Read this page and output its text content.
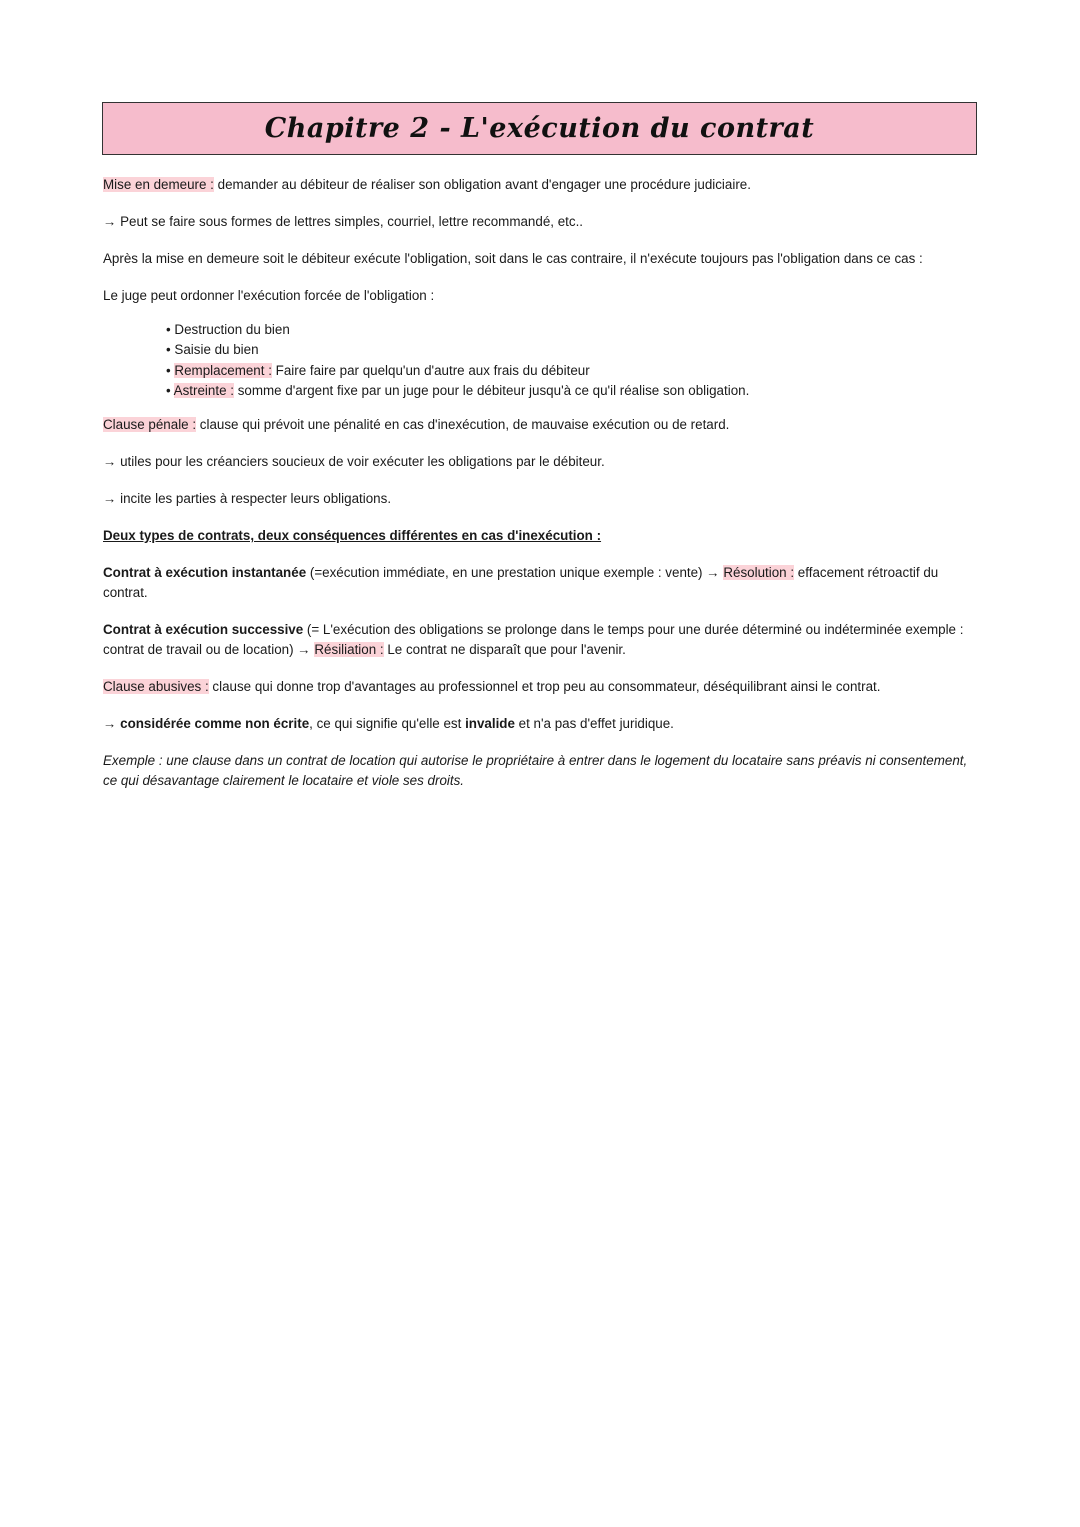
Chapitre 2 - L'exécution du contrat

Mise en demeure : demander au débiteur de réaliser son obligation avant d'engager une procédure judiciaire.

→ Peut se faire sous formes de lettres simples, courriel, lettre recommandé, etc..

Après la mise en demeure soit le débiteur exécute l'obligation, soit dans le cas contraire, il n'exécute toujours pas l'obligation dans ce cas :

Le juge peut ordonner l'exécution forcée de l'obligation :

• Destruction du bien
• Saisie du bien
• Remplacement : Faire faire par quelqu'un d'autre aux frais du débiteur
• Astreinte : somme d'argent fixe par un juge pour le débiteur jusqu'à ce qu'il réalise son obligation.

Clause pénale : clause qui prévoit une pénalité en cas d'inexécution, de mauvaise exécution ou de retard.

→ utiles pour les créanciers soucieux de voir exécuter les obligations par le débiteur.

→ incite les parties à respecter leurs obligations.

Deux types de contrats, deux conséquences différentes en cas d'inexécution :

Contrat à exécution instantanée (=exécution immédiate, en une prestation unique exemple : vente) → Résolution : effacement rétroactif du contrat.

Contrat à exécution successive (= L'exécution des obligations se prolonge dans le temps pour une durée déterminé ou indéterminée exemple : contrat de travail ou de location) → Résiliation : Le contrat ne disparaît que pour l'avenir.

Clause abusives : clause qui donne trop d'avantages au professionnel et trop peu au consommateur, déséquilibrant ainsi le contrat.

→ considérée comme non écrite, ce qui signifie qu'elle est invalide et n'a pas d'effet juridique.

Exemple : une clause dans un contrat de location qui autorise le propriétaire à entrer dans le logement du locataire sans préavis ni consentement, ce qui désavantage clairement le locataire et viole ses droits.
